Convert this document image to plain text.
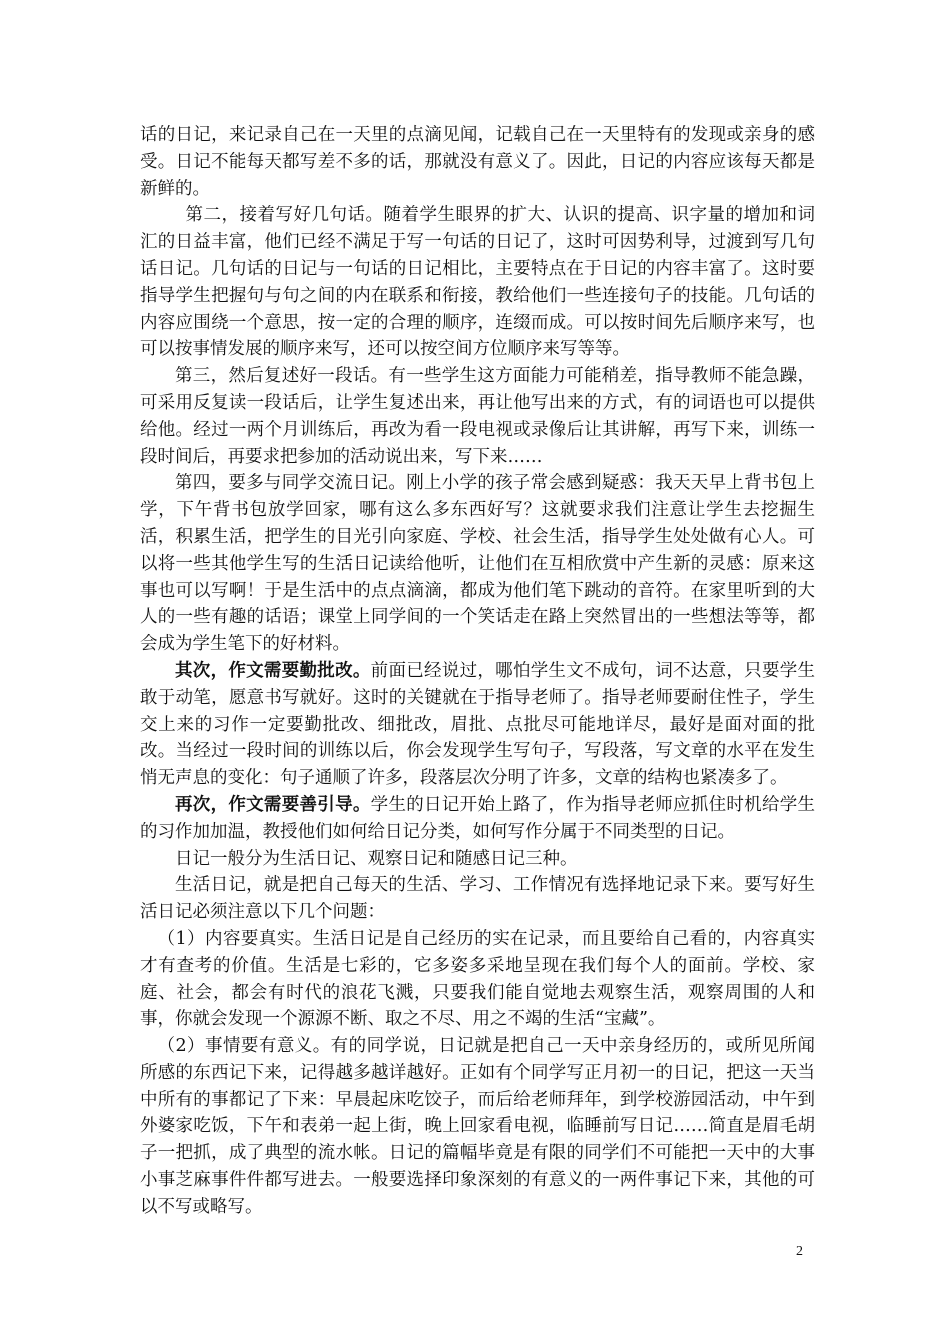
话的日记，来记录自己在一天里的点滴见闻，记载自己在一天里特有的发现或亲身的感受。日记不能每天都写差不多的话，那就没有意义了。因此，日记的内容应该每天都是新鲜的。

第二，接着写好几句话。随着学生眼界的扩大、认识的提高、识字量的增加和词汇的日益丰富，他们已经不满足于写一句话的日记了，这时可因势利导，过渡到写几句话日记。几句话的日记与一句话的日记相比，主要特点在于日记的内容丰富了。这时要指导学生把握句与句之间的内在联系和衔接，教给他们一些连接句子的技能。几句话的内容应围绕一个意思，按一定的合理的顺序，连缀而成。可以按时间先后顺序来写，也可以按事情发展的顺序来写，还可以按空间方位顺序来写等等。

第三，然后复述好一段话。有一些学生这方面能力可能稍差，指导教师不能急躁，可采用反复读一段话后，让学生复述出来，再让他写出来的方式，有的词语也可以提供给他。经过一两个月训练后，再改为看一段电视或录像后让其讲解，再写下来，训练一段时间后，再要求把参加的活动说出来，写下来……

第四，要多与同学交流日记。刚上小学的孩子常会感到疑惑：我天天早上背书包上学，下午背书包放学回家，哪有这么多东西好写？这就要求我们注意让学生去挖掘生活，积累生活，把学生的目光引向家庭、学校、社会生活，指导学生处处做有心人。可以将一些其他学生写的生活日记读给他听，让他们在互相欣赏中产生新的灵感：原来这事也可以写啊！于是生活中的点点滴滴，都成为他们笔下跳动的音符。在家里听到的大人的一些有趣的话语；课堂上同学间的一个笑话走在路上突然冒出的一些想法等等，都会成为学生笔下的好材料。

其次，作文需要勤批改。前面已经说过，哪怕学生文不成句，词不达意，只要学生敢于动笔，愿意书写就好。这时的关键就在于指导老师了。指导老师要耐住性子，学生交上来的习作一定要勤批改、细批改，眉批、点批尽可能地详尽，最好是面对面的批改。当经过一段时间的训练以后，你会发现学生写句子，写段落，写文章的水平在发生悄无声息的变化：句子通顺了许多，段落层次分明了许多，文章的结构也紧凑多了。

再次，作文需要善引导。学生的日记开始上路了，作为指导老师应抓住时机给学生的习作加加温，教授他们如何给日记分类，如何写作分属于不同类型的日记。

日记一般分为生活日记、观察日记和随感日记三种。

生活日记，就是把自己每天的生活、学习、工作情况有选择地记录下来。要写好生活日记必须注意以下几个问题：

（1）内容要真实。生活日记是自己经历的实在记录，而且要给自己看的，内容真实才有查考的价值。生活是七彩的，它多姿多采地呈现在我们每个人的面前。学校、家庭、社会，都会有时代的浪花飞溅，只要我们能自觉地去观察生活，观察周围的人和事，你就会发现一个源源不断、取之不尽、用之不竭的生活“宝藏”。

（2）事情要有意义。有的同学说，日记就是把自己一天中亲身经历的，或所见所闻所感的东西记下来，记得越多越详越好。正如有个同学写正月初一的日记，把这一天当中所有的事都记了下来：早晨起床吃饺子，而后给老师拜年，到学校游园活动，中午到外婆家吃饭，下午和表弟一起上街，晚上回家看电视，临睡前写日记……简直是眉毛胡子一把抓，成了典型的流水帐。日记的篇幅毕竟是有限的同学们不可能把一天中的大事小事芝麻事件件都写进去。一般要选择印象深刻的有意义的一两件事记下来，其他的可以不写或略写。

2
